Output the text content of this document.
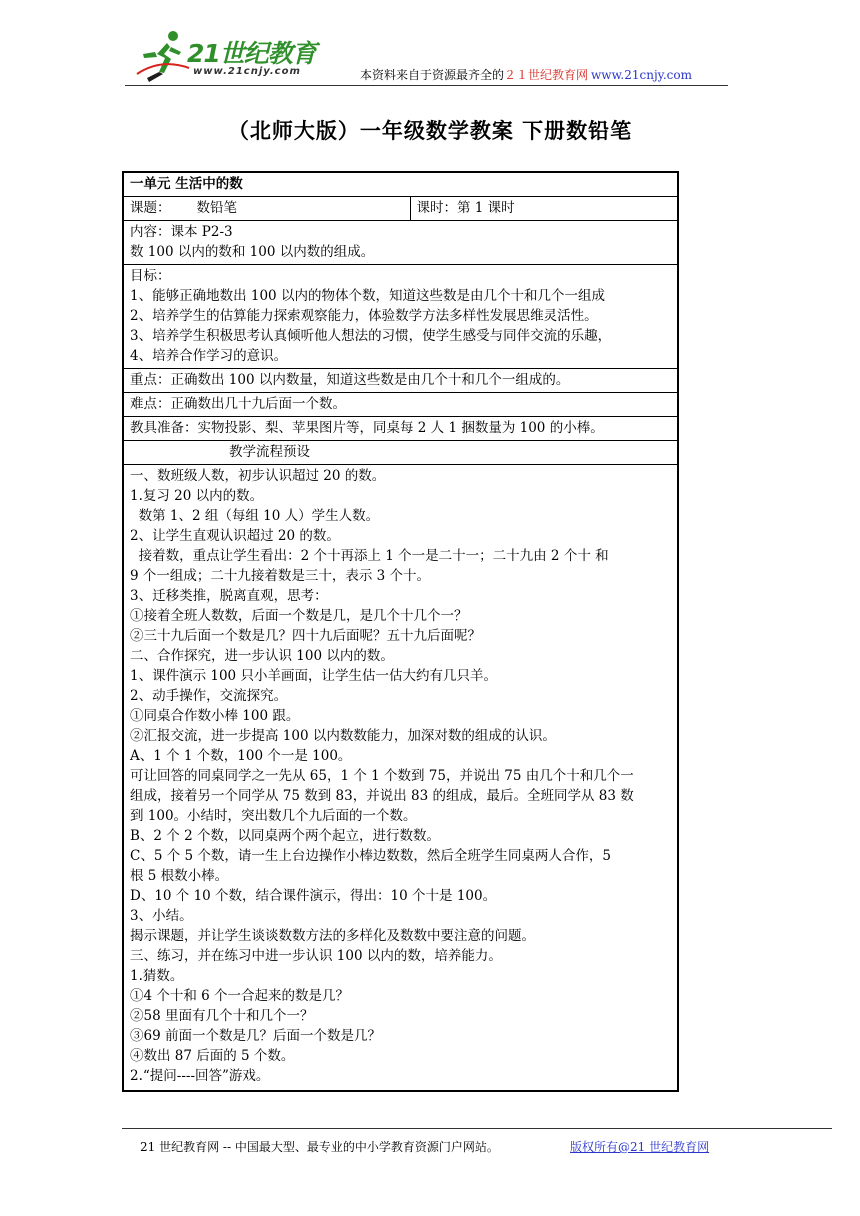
21世纪教育
www.21cnjy.com	本资料来自于资源最齐全的２１世纪教育网 www.21cnjy.com
（北师大版）一年级数学教案 下册数铅笔
一单元 生活中的数
课题： 数铅笔	课时：第 1 课时

内容：课本 P2-3
数 100 以内的数和 100 以内数的组成。

目标：
1、能够正确地数出 100 以内的物体个数，知道这些数是由几个十和几个一组成
2、培养学生的估算能力探索观察能力，体验数学方法多样性发展思维灵活性。
3、培养学生积极思考认真倾听他人想法的习惯，使学生感受与同伴交流的乐趣，
4、培养合作学习的意识。

重点：正确数出 100 以内数量，知道这些数是由几个十和几个一组成的。
难点：正确数出几十九后面一个数。
教具准备：实物投影、梨、苹果图片等，同桌每 2 人 1 捆数量为 100 的小棒。
教学流程预设

一、数班级人数，初步认识超过 20 的数。
1.复习 20 以内的数。
数第 1、2 组（每组 10 人）学生人数。
2、让学生直观认识超过 20 的数。
接着数，重点让学生看出：2 个十再添上 1 个一是二十一；二十九由 2 个十 和
9 个一组成；二十九接着数是三十，表示 3 个十。
3、迁移类推，脱离直观，思考：
①接着全班人数数，后面一个数是几，是几个十几个一？
②三十九后面一个数是几？四十九后面呢？五十九后面呢？
二、合作探究，进一步认识 100 以内的数。
1、课件演示 100 只小羊画面，让学生估一估大约有几只羊。
2、动手操作，交流探究。
①同桌合作数小棒 100 跟。
②汇报交流，进一步提高 100 以内数数能力，加深对数的组成的认识。
A、1 个 1 个数，100 个一是 100。
可让回答的同桌同学之一先从 65，1 个 1 个数到 75，并说出 75 由几个十和几个一
组成，接着另一个同学从 75 数到 83，并说出 83 的组成，最后。全班同学从 83 数
到 100。小结时，突出数几个九后面的一个数。
B、2 个 2 个数，以同桌两个两个起立，进行数数。
C、5 个 5 个数，请一生上台边操作小棒边数数，然后全班学生同桌两人合作，5
根 5 根数小棒。
D、10 个 10 个数，结合课件演示，得出：10 个十是 100。
3、小结。
揭示课题，并让学生谈谈数数方法的多样化及数数中要注意的问题。
三、练习，并在练习中进一步认识 100 以内的数，培养能力。
1.猜数。
①4 个十和 6 个一合起来的数是几？
②58 里面有几个十和几个一？
③69 前面一个数是几？后面一个数是几？
④数出 87 后面的 5 个数。
2.“提问----回答”游戏。
21 世纪教育网 -- 中国最大型、最专业的中小学教育资源门户网站。	版权所有@21 世纪教育网
